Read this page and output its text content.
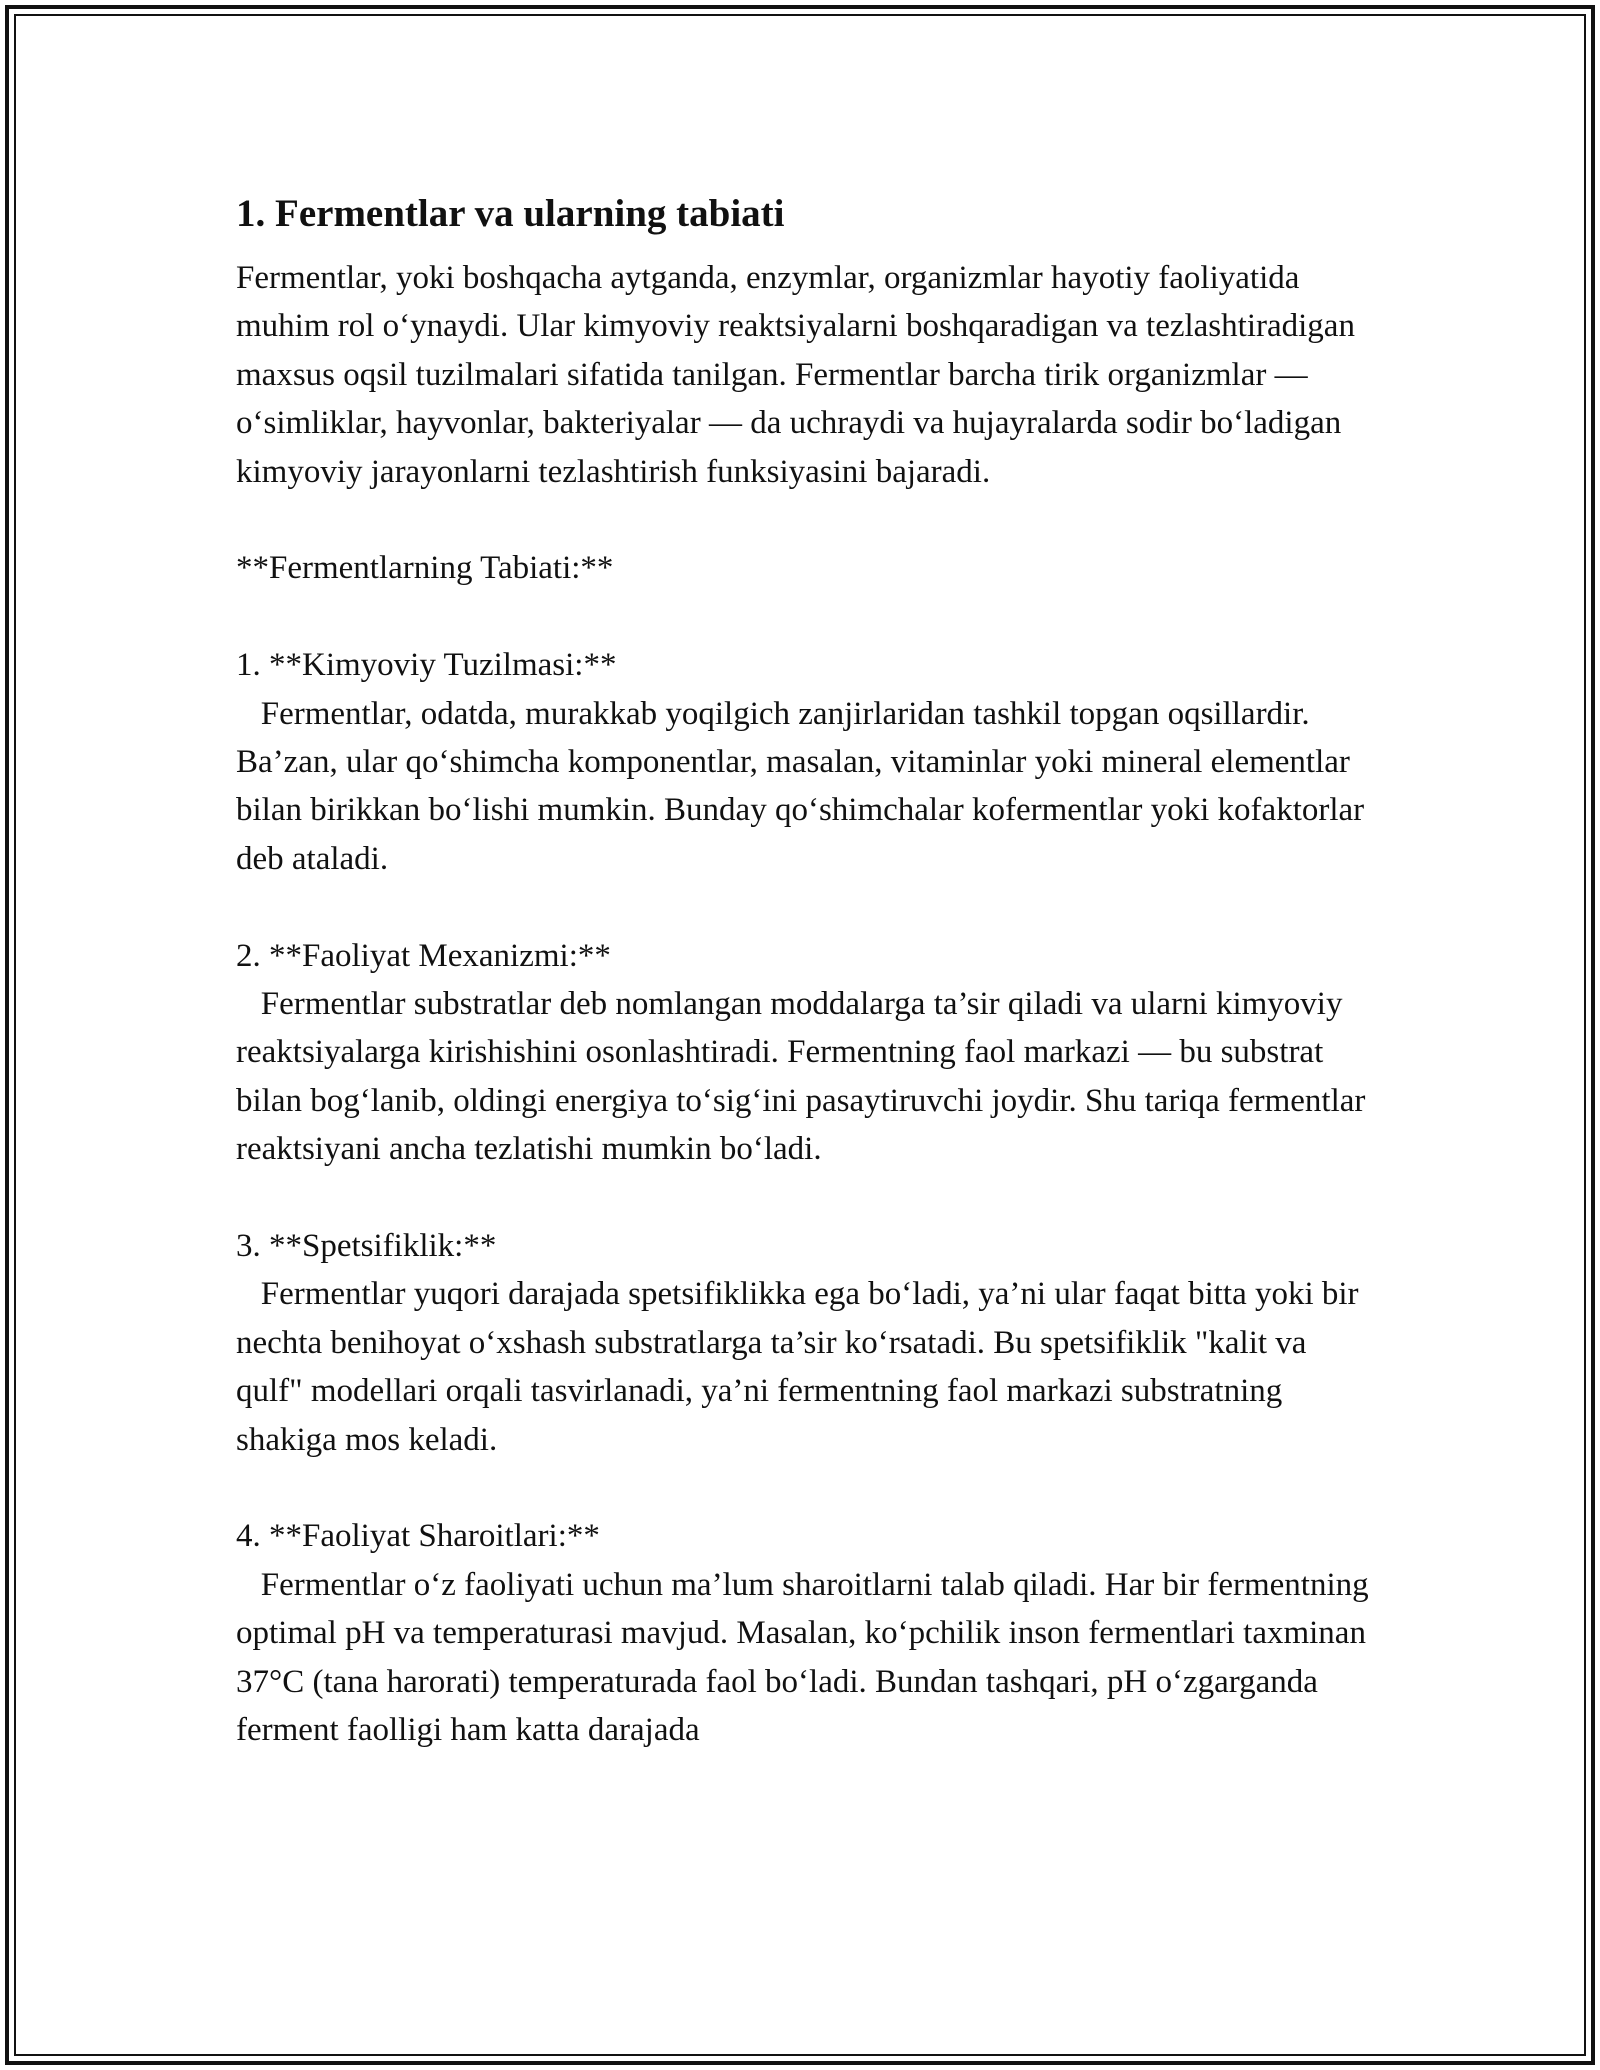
1. Fermentlar va ularning tabiati

Fermentlar, yoki boshqacha aytganda, enzymlar, organizmlar hayotiy faoliyatida muhim rol o‘ynaydi. Ular kimyoviy reaktsiyalarni boshqaradigan va tezlashtiradigan maxsus oqsil tuzilmalari sifatida tanilgan. Fermentlar barcha tirik organizmlar — o‘simliklar, hayvonlar, bakteriyalar — da uchraydi va hujayralarda sodir bo‘ladigan kimyoviy jarayonlarni tezlashtirish funksiyasini bajaradi.

**Fermentlarning Tabiati:**

1. **Kimyoviy Tuzilmasi:**

Fermentlar, odatda, murakkab yoqilgich zanjirlaridan tashkil topgan oqsillardir. Ba’zan, ular qo‘shimcha komponentlar, masalan, vitaminlar yoki mineral elementlar bilan birikkan bo‘lishi mumkin. Bunday qo‘shimchalar kofermentlar yoki kofaktorlar deb ataladi.

2. **Faoliyat Mexanizmi:**

Fermentlar substratlar deb nomlangan moddalarga ta’sir qiladi va ularni kimyoviy reaktsiyalarga kirishishini osonlashtiradi. Fermentning faol markazi — bu substrat bilan bog‘lanib, oldingi energiya to‘sig‘ini pasaytiruvchi joydir. Shu tariqa fermentlar reaktsiyani ancha tezlatishi mumkin bo‘ladi.

3. **Spetsifiklik:**

Fermentlar yuqori darajada spetsifiklikka ega bo‘ladi, ya’ni ular faqat bitta yoki bir nechta benihoyat o‘xshash substratlarga ta’sir ko‘rsatadi. Bu spetsifiklik "kalit va qulf" modellari orqali tasvirlanadi, ya’ni fermentning faol markazi substratning shakiga mos keladi.

4. **Faoliyat Sharoitlari:**

Fermentlar o‘z faoliyati uchun ma’lum sharoitlarni talab qiladi. Har bir fermentning optimal pH va temperaturasi mavjud. Masalan, ko‘pchilik inson fermentlari taxminan 37°C (tana harorati) temperaturada faol bo‘ladi. Bundan tashqari, pH o‘zgarganda ferment faolligi ham katta darajada
